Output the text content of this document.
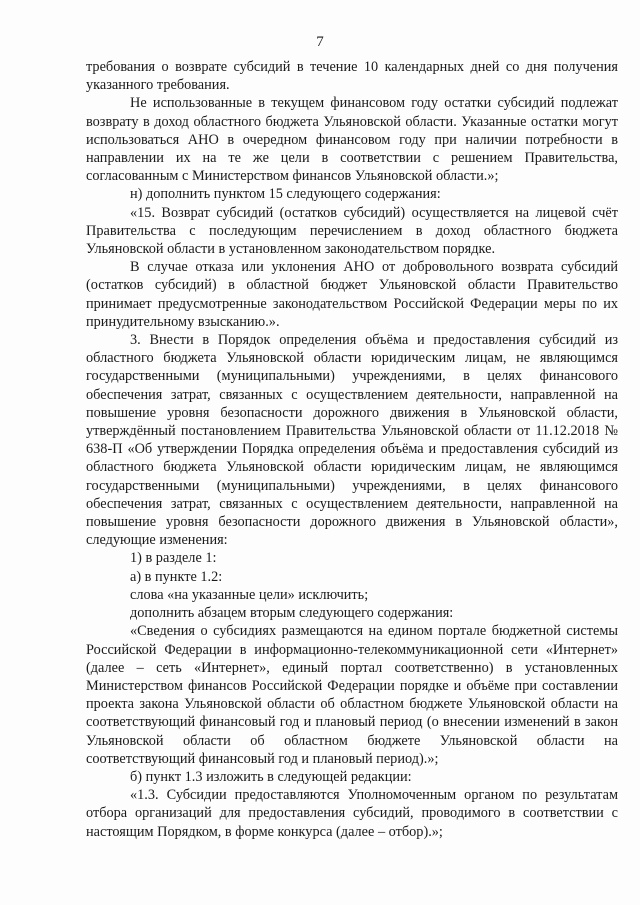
7

требования о возврате субсидий в течение 10 календарных дней со дня получения указанного требования.

Не использованные в текущем финансовом году остатки субсидий подлежат возврату в доход областного бюджета Ульяновской области. Указанные остатки могут использоваться АНО в очередном финансовом году при наличии потребности в направлении их на те же цели в соответствии с решением Правительства, согласованным с Министерством финансов Ульяновской области.»;

н) дополнить пунктом 15 следующего содержания:

«15. Возврат субсидий (остатков субсидий) осуществляется на лицевой счёт Правительства с последующим перечислением в доход областного бюджета Ульяновской области в установленном законодательством порядке.

В случае отказа или уклонения АНО от добровольного возврата субсидий (остатков субсидий) в областной бюджет Ульяновской области Правительство принимает предусмотренные законодательством Российской Федерации меры по их принудительному взысканию.».

3. Внести в Порядок определения объёма и предоставления субсидий из областного бюджета Ульяновской области юридическим лицам, не являющимся государственными (муниципальными) учреждениями, в целях финансового обеспечения затрат, связанных с осуществлением деятельности, направленной на повышение уровня безопасности дорожного движения в Ульяновской области, утверждённый постановлением Правительства Ульяновской области от 11.12.2018 № 638-П «Об утверждении Порядка определения объёма и предоставления субсидий из областного бюджета Ульяновской области юридическим лицам, не являющимся государственными (муниципальными) учреждениями, в целях финансового обеспечения затрат, связанных с осуществлением деятельности, направленной на повышение уровня безопасности дорожного движения в Ульяновской области», следующие изменения:

1) в разделе 1:

а) в пункте 1.2:

слова «на указанные цели» исключить;

дополнить абзацем вторым следующего содержания:

«Сведения о субсидиях размещаются на едином портале бюджетной системы Российской Федерации в информационно-телекоммуникационной сети «Интернет» (далее – сеть «Интернет», единый портал соответственно) в установленных Министерством финансов Российской Федерации порядке и объёме при составлении проекта закона Ульяновской области об областном бюджете Ульяновской области на соответствующий финансовый год и плановый период (о внесении изменений в закон Ульяновской области об областном бюджете Ульяновской области на соответствующий финансовый год и плановый период).»;

б) пункт 1.3 изложить в следующей редакции:

«1.3. Субсидии предоставляются Уполномоченным органом по результатам отбора организаций для предоставления субсидий, проводимого в соответствии с настоящим Порядком, в форме конкурса (далее – отбор).»;
